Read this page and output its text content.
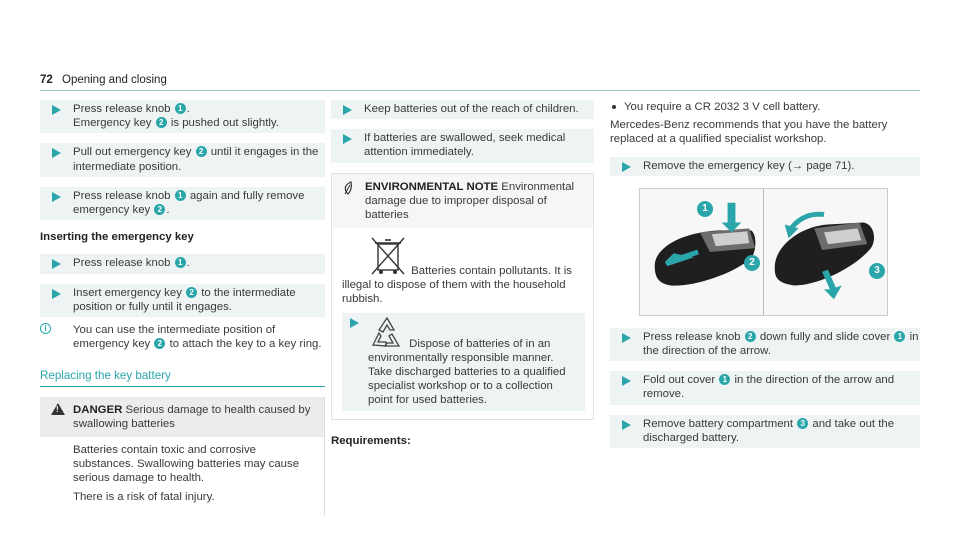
72 Opening and closing
Press release knob 1 .
Emergency key 2 is pushed out slightly.
Pull out emergency key 2 until it engages in the intermediate position.
Press release knob 1 again and fully remove emergency key 2 .
Inserting the emergency key
Press release knob 1 .
Insert emergency key 2 to the intermediate position or fully until it engages.
i	You can use the intermediate position of emergency key 2 to attach the key to a key ring.
Replacing the key battery
!
DANGER Serious damage to health caused by swallowing batteries

Batteries contain toxic and corrosive substances. Swallowing batteries may cause serious damage to health.

There is a risk of fatal injury.

Keep batteries out of the reach of children.
If batteries are swallowed, seek medical attention immediately.
ENVIRONMENTAL NOTE Environmental damage due to improper disposal of batteries
Batteries contain pollutants. It is illegal to dispose of them with the household rubbish.
Dispose of batteries of in an environmentally responsible manner. Take discharged batteries to a qualified specialist workshop or to a collection point for used batteries.
Requirements:
You require a CR 2032 3 V cell battery.

Mercedes-Benz recommends that you have the battery replaced at a qualified specialist workshop.

Remove the emergency key (→ page 71).
1
2
3
Press release knob 2 down fully and slide cover 1 in the direction of the arrow.
Fold out cover 1 in the direction of the arrow and remove.
Remove battery compartment 3 and take out the discharged battery.
